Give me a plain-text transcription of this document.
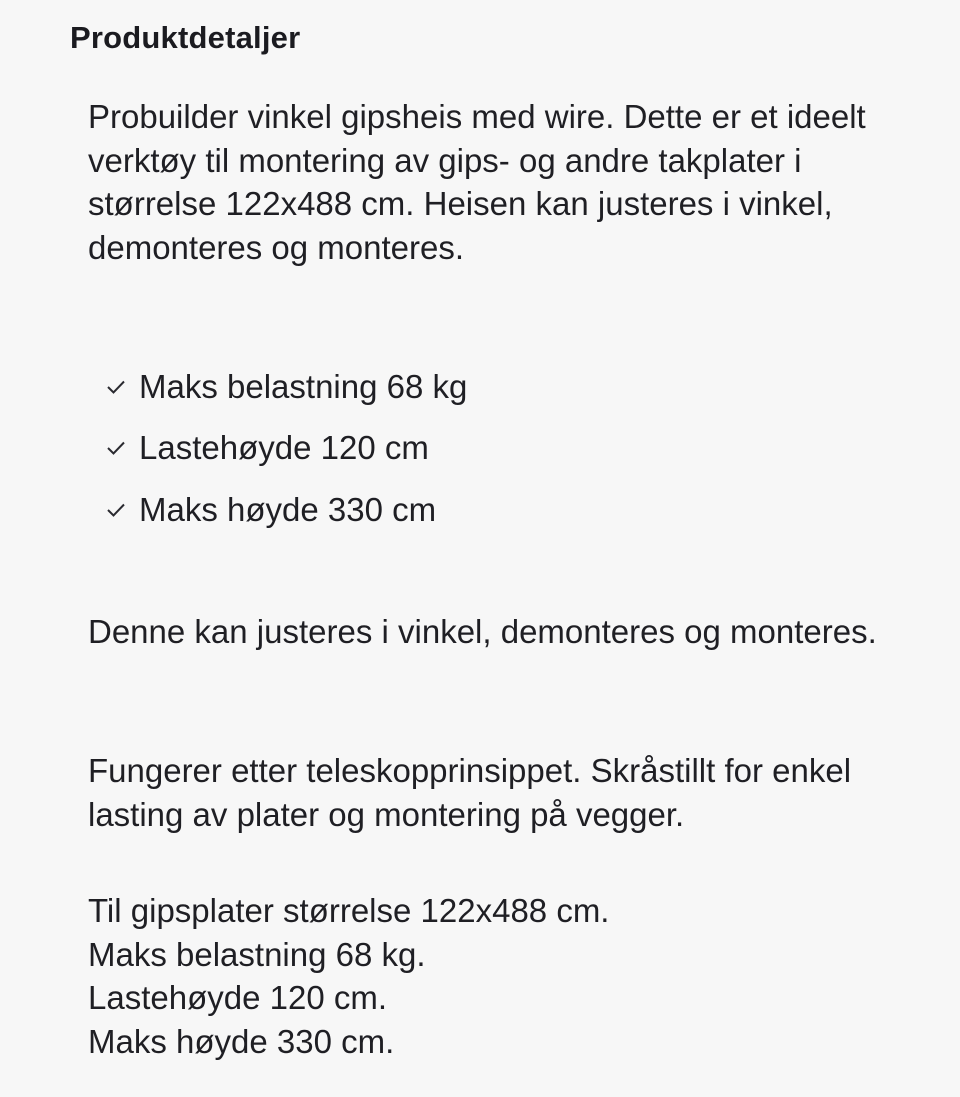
Produktdetaljer

Probuilder vinkel gipsheis med wire. Dette er et ideelt verktøy til montering av gips- og andre takplater i størrelse 122x488 cm. Heisen kan justeres i vinkel, demonteres og monteres.

Maks belastning 68 kg
Lastehøyde 120 cm
Maks høyde 330 cm

Denne kan justeres i vinkel, demonteres og monteres.

Fungerer etter teleskopprinsippet. Skråstillt for enkel lasting av plater og montering på vegger.

Til gipsplater størrelse 122x488 cm.
Maks belastning 68 kg.
Lastehøyde 120 cm.
Maks høyde 330 cm.
